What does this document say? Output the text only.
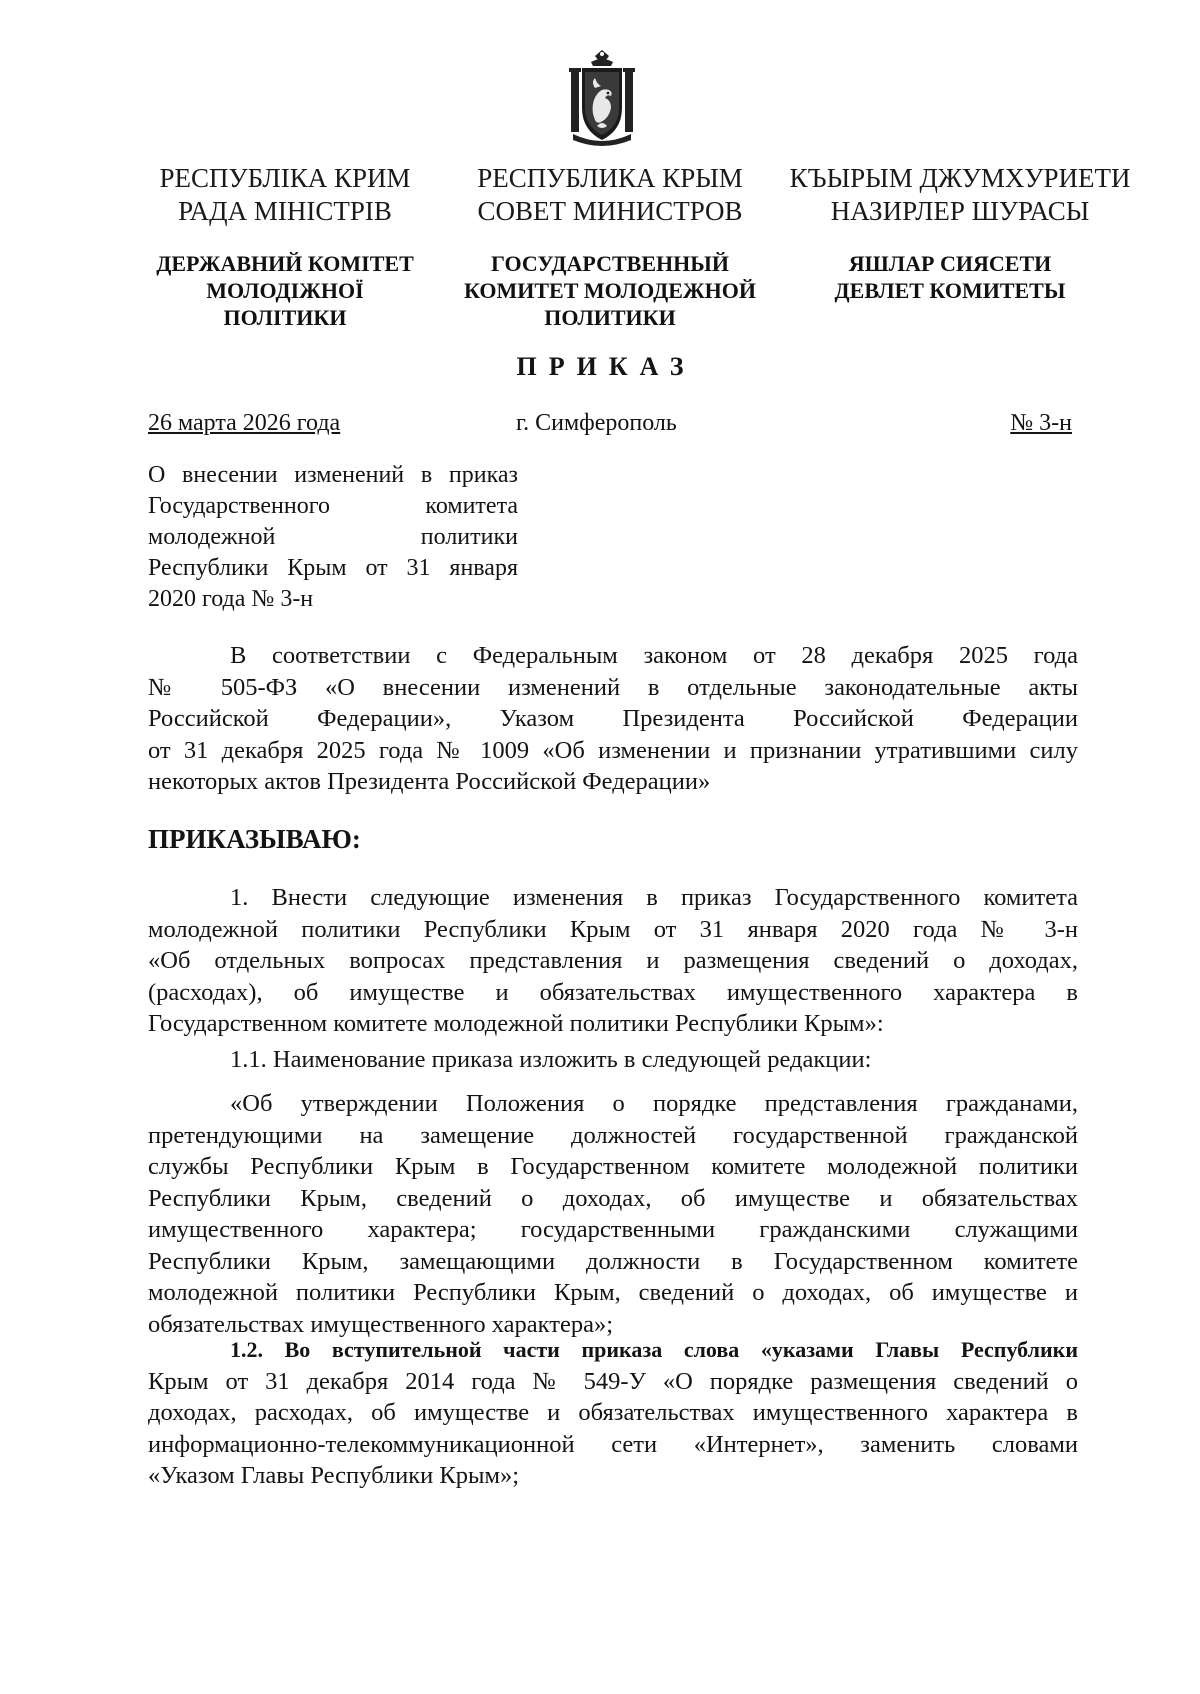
РЕСПУБЛІКА КРИМ
РАДА МІНІСТРІВ
РЕСПУБЛИКА КРЫМ
СОВЕТ МИНИСТРОВ
КЪЫРЫМ ДЖУМХУРИЕТИ
НАЗИРЛЕР ШУРАСЫ
ДЕРЖАВНИЙ КОМІТЕТ
МОЛОДІЖНОЇ
ПОЛІТИКИ
ГОСУДАРСТВЕННЫЙ
КОМИТЕТ МОЛОДЕЖНОЙ
ПОЛИТИКИ
ЯШЛАР СИЯСЕТИ
ДЕВЛЕТ КОМИТЕТЫ
ПРИКАЗ
26 марта 2026 года	г. Симферополь	№ 3-н
О внесении изменений в приказ
Государственного комитета
молодежной политики
Республики Крым от 31 января
2020 года № 3-н
В соответствии с Федеральным законом от 28 декабря 2025 года
№ 505-ФЗ «О внесении изменений в отдельные законодательные акты
Российской Федерации», Указом Президента Российской Федерации
от 31 декабря 2025 года № 1009 «Об изменении и признании утратившими силу
некоторых актов Президента Российской Федерации»
ПРИКАЗЫВАЮ:
1. Внести следующие изменения в приказ Государственного комитета
молодежной политики Республики Крым от 31 января 2020 года № 3-н
«Об отдельных вопросах представления и размещения сведений о доходах,
(расходах), об имуществе и обязательствах имущественного характера в
Государственном комитете молодежной политики Республики Крым»:
1.1. Наименование приказа изложить в следующей редакции:
«Об утверждении Положения о порядке представления гражданами,
претендующими на замещение должностей государственной гражданской
службы Республики Крым в Государственном комитете молодежной политики
Республики Крым, сведений о доходах, об имуществе и обязательствах
имущественного характера; государственными гражданскими служащими
Республики Крым, замещающими должности в Государственном комитете
молодежной политики Республики Крым, сведений о доходах, об имуществе и
обязательствах имущественного характера»;
1.2. Во вступительной части приказа слова «указами Главы Республики
Крым от 31 декабря 2014 года № 549-У «О порядке размещения сведений о
доходах, расходах, об имуществе и обязательствах имущественного характера в
информационно-телекоммуникационной сети «Интернет», заменить словами
«Указом Главы Республики Крым»;
